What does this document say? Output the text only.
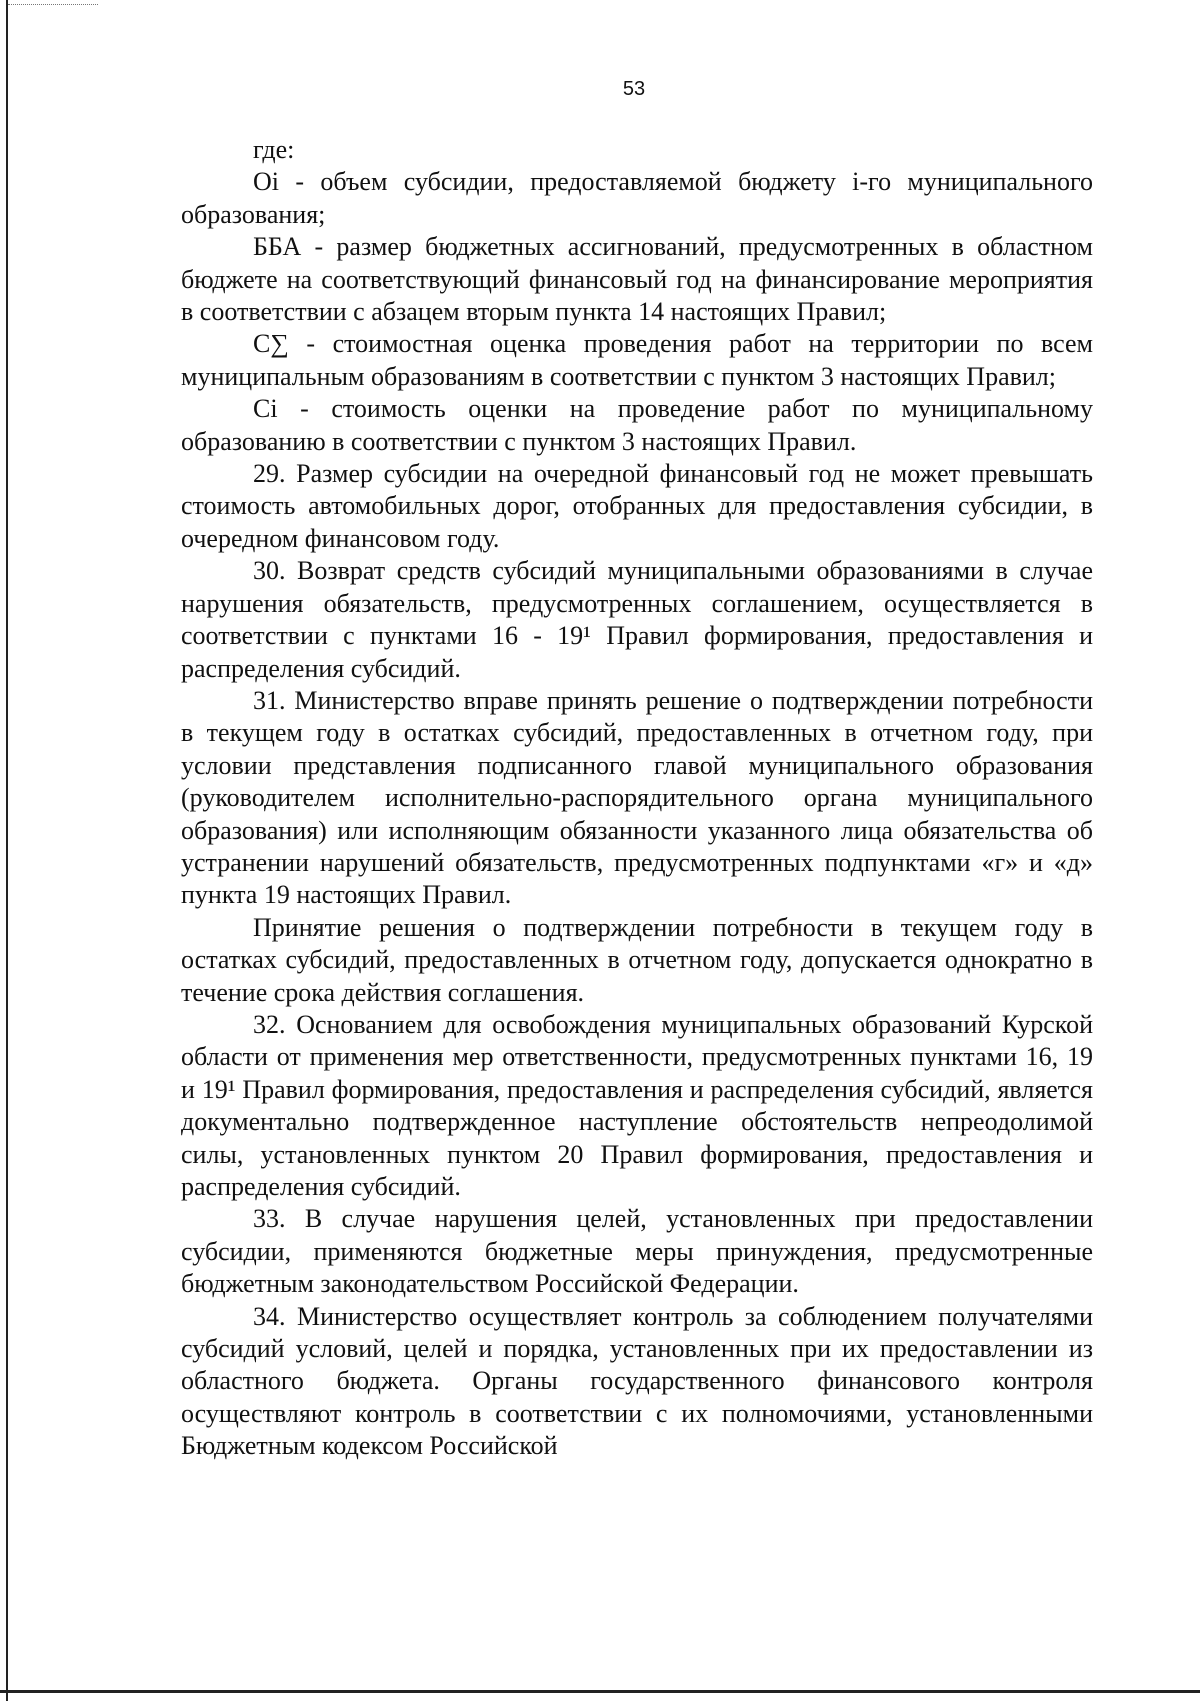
53

где:

Оi - объем субсидии, предоставляемой бюджету i-го муниципального образования;

ББА - размер бюджетных ассигнований, предусмотренных в областном бюджете на соответствующий финансовый год на финансирование мероприятия в соответствии с абзацем вторым пункта 14 настоящих Правил;

C∑ - стоимостная оценка проведения работ на территории по всем муниципальным образованиям в соответствии с пунктом 3 настоящих Правил;

Ci - стоимость оценки на проведение работ по муниципальному образованию в соответствии с пунктом 3 настоящих Правил.

29. Размер субсидии на очередной финансовый год не может превышать стоимость автомобильных дорог, отобранных для предоставления субсидии, в очередном финансовом году.

30. Возврат средств субсидий муниципальными образованиями в случае нарушения обязательств, предусмотренных соглашением, осуществляется в соответствии с пунктами 16 - 19¹ Правил формирования, предоставления и распределения субсидий.

31. Министерство вправе принять решение о подтверждении потребности в текущем году в остатках субсидий, предоставленных в отчетном году, при условии представления подписанного главой муниципального образования (руководителем исполнительно-распорядительного органа муниципального образования) или исполняющим обязанности указанного лица обязательства об устранении нарушений обязательств, предусмотренных подпунктами «г» и «д» пункта 19 настоящих Правил.

Принятие решения о подтверждении потребности в текущем году в остатках субсидий, предоставленных в отчетном году, допускается однократно в течение срока действия соглашения.

32. Основанием для освобождения муниципальных образований Курской области от применения мер ответственности, предусмотренных пунктами 16, 19 и 19¹ Правил формирования, предоставления и распределения субсидий, является документально подтвержденное наступление обстоятельств непреодолимой силы, установленных пунктом 20 Правил формирования, предоставления и распределения субсидий.

33. В случае нарушения целей, установленных при предоставлении субсидии, применяются бюджетные меры принуждения, предусмотренные бюджетным законодательством Российской Федерации.

34. Министерство осуществляет контроль за соблюдением получателями субсидий условий, целей и порядка, установленных при их предоставлении из областного бюджета. Органы государственного финансового контроля осуществляют контроль в соответствии с их полномочиями, установленными Бюджетным кодексом Российской
